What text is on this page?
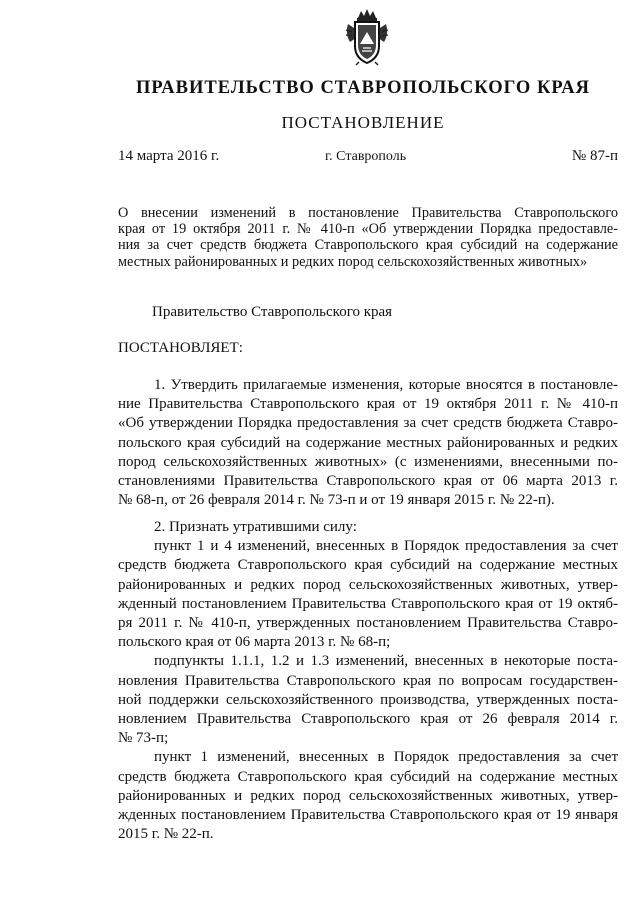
ПРАВИТЕЛЬСТВО СТАВРОПОЛЬСКОГО КРАЯ
ПОСТАНОВЛЕНИЕ
14 марта 2016 г.	г. Ставрополь	№ 87-п
О внесении изменений в постановление Правительства Ставропольского
края от 19 октября 2011 г. № 410-п «Об утверждении Порядка предоставле-
ния за счет средств бюджета Ставропольского края субсидий на содержание
местных районированных и редких пород сельскохозяйственных животных»
Правительство Ставропольского края
ПОСТАНОВЛЯЕТ:
1. Утвердить прилагаемые изменения, которые вносятся в постановле-
ние Правительства Ставропольского края от 19 октября 2011 г. № 410-п
«Об утверждении Порядка предоставления за счет средств бюджета Ставро-
польского края субсидий на содержание местных районированных и редких
пород сельскохозяйственных животных» (с изменениями, внесенными по-
становлениями Правительства Ставропольского края от 06 марта 2013 г.
№ 68-п, от 26 февраля 2014 г. № 73-п и от 19 января 2015 г. № 22-п).
2. Признать утратившими силу:
пункт 1 и 4 изменений, внесенных в Порядок предоставления за счет
средств бюджета Ставропольского края субсидий на содержание местных
районированных и редких пород сельскохозяйственных животных, утвер-
жденный постановлением Правительства Ставропольского края от 19 октяб-
ря 2011 г. № 410-п, утвержденных постановлением Правительства Ставро-
польского края от 06 марта 2013 г. № 68-п;
подпункты 1.1.1, 1.2 и 1.3 изменений, внесенных в некоторые поста-
новления Правительства Ставропольского края по вопросам государствен-
ной поддержки сельскохозяйственного производства, утвержденных поста-
новлением Правительства Ставропольского края от 26 февраля 2014 г.
№ 73-п;
пункт 1 изменений, внесенных в Порядок предоставления за счет
средств бюджета Ставропольского края субсидий на содержание местных
районированных и редких пород сельскохозяйственных животных, утвер-
жденных постановлением Правительства Ставропольского края от 19 января
2015 г. № 22-п.
